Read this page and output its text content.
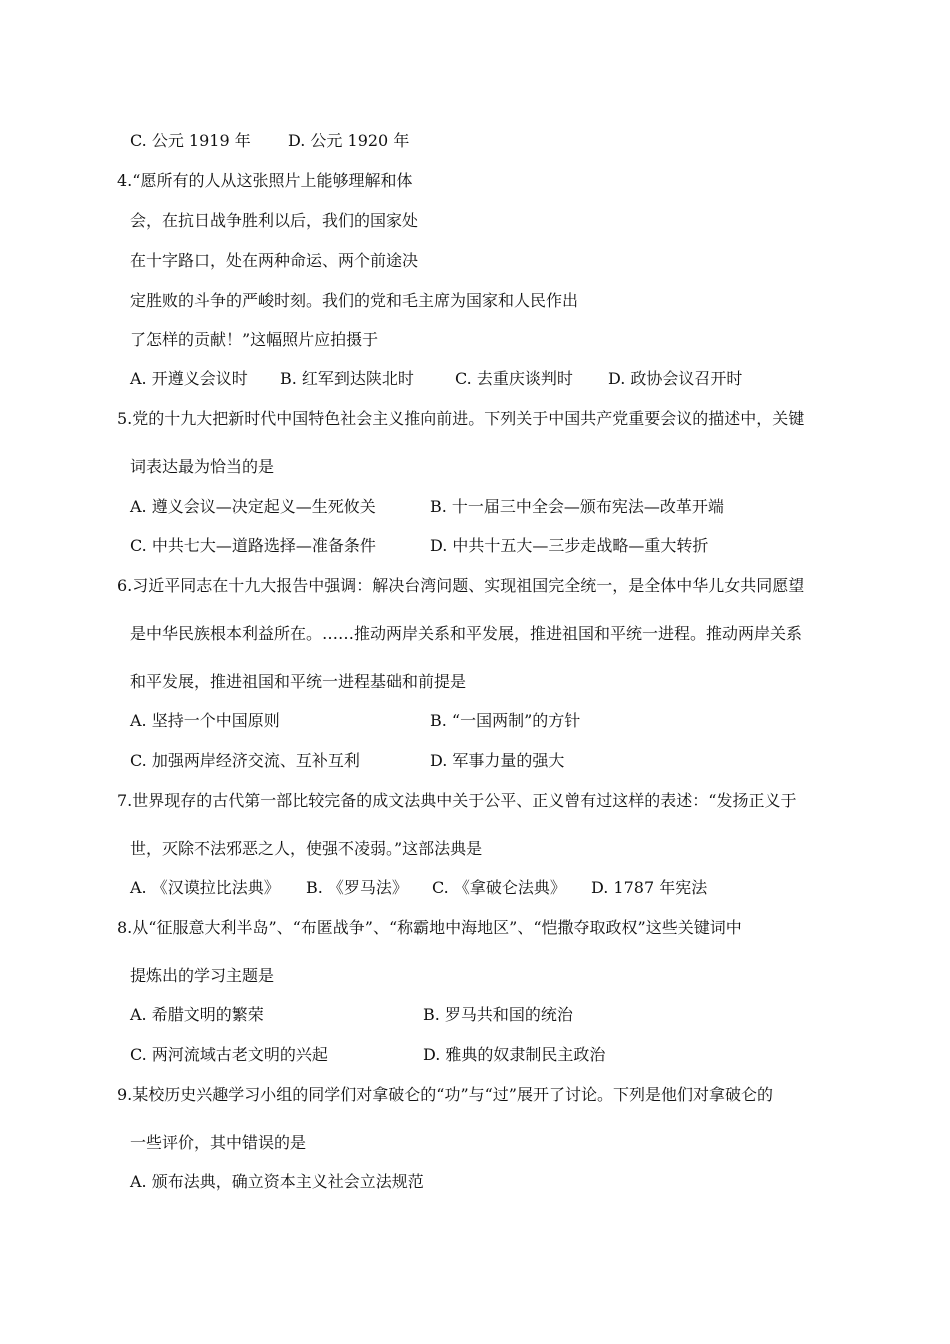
C. 公元 1919 年 D. 公元 1920 年
4.“愿所有的人从这张照片上能够理解和体
会，在抗日战争胜利以后，我们的国家处
在十字路口，处在两种命运、两个前途决
定胜败的斗争的严峻时刻。我们的党和毛主席为国家和人民作出
了怎样的贡献！”这幅照片应拍摄于
A. 开遵义会议时 B. 红军到达陕北时	C. 去重庆谈判时 D. 政协会议召开时
5.党的十九大把新时代中国特色社会主义推向前进。下列关于中国共产党重要会议的描述中，关键
词表达最为恰当的是
A. 遵义会议—决定起义—生死攸关	B. 十一届三中全会—颁布宪法—改革开端
C. 中共七大—道路选择—准备条件	D. 中共十五大—三步走战略—重大转折
6.习近平同志在十九大报告中强调：解决台湾问题、实现祖国完全统一，是全体中华儿女共同愿望
是中华民族根本利益所在。……推动两岸关系和平发展，推进祖国和平统一进程。推动两岸关系
和平发展，推进祖国和平统一进程基础和前提是
A. 坚持一个中国原则	B. “一国两制”的方针
C. 加强两岸经济交流、互补互利	D. 军事力量的强大
7.世界现存的古代第一部比较完备的成文法典中关于公平、正义曾有过这样的表述：“发扬正义于
世，灭除不法邪恶之人，使强不凌弱。”这部法典是
A. 《汉谟拉比法典》 B. 《罗马法》 C. 《拿破仑法典》 D. 1787 年宪法
8.从“征服意大利半岛”、“布匿战争”、“称霸地中海地区”、“恺撒夺取政权”这些关键词中
提炼出的学习主题是
A. 希腊文明的繁荣	B. 罗马共和国的统治
C. 两河流域古老文明的兴起	D. 雅典的奴隶制民主政治
9.某校历史兴趣学习小组的同学们对拿破仑的“功”与“过”展开了讨论。下列是他们对拿破仑的
一些评价，其中错误的是
A. 颁布法典，确立资本主义社会立法规范
